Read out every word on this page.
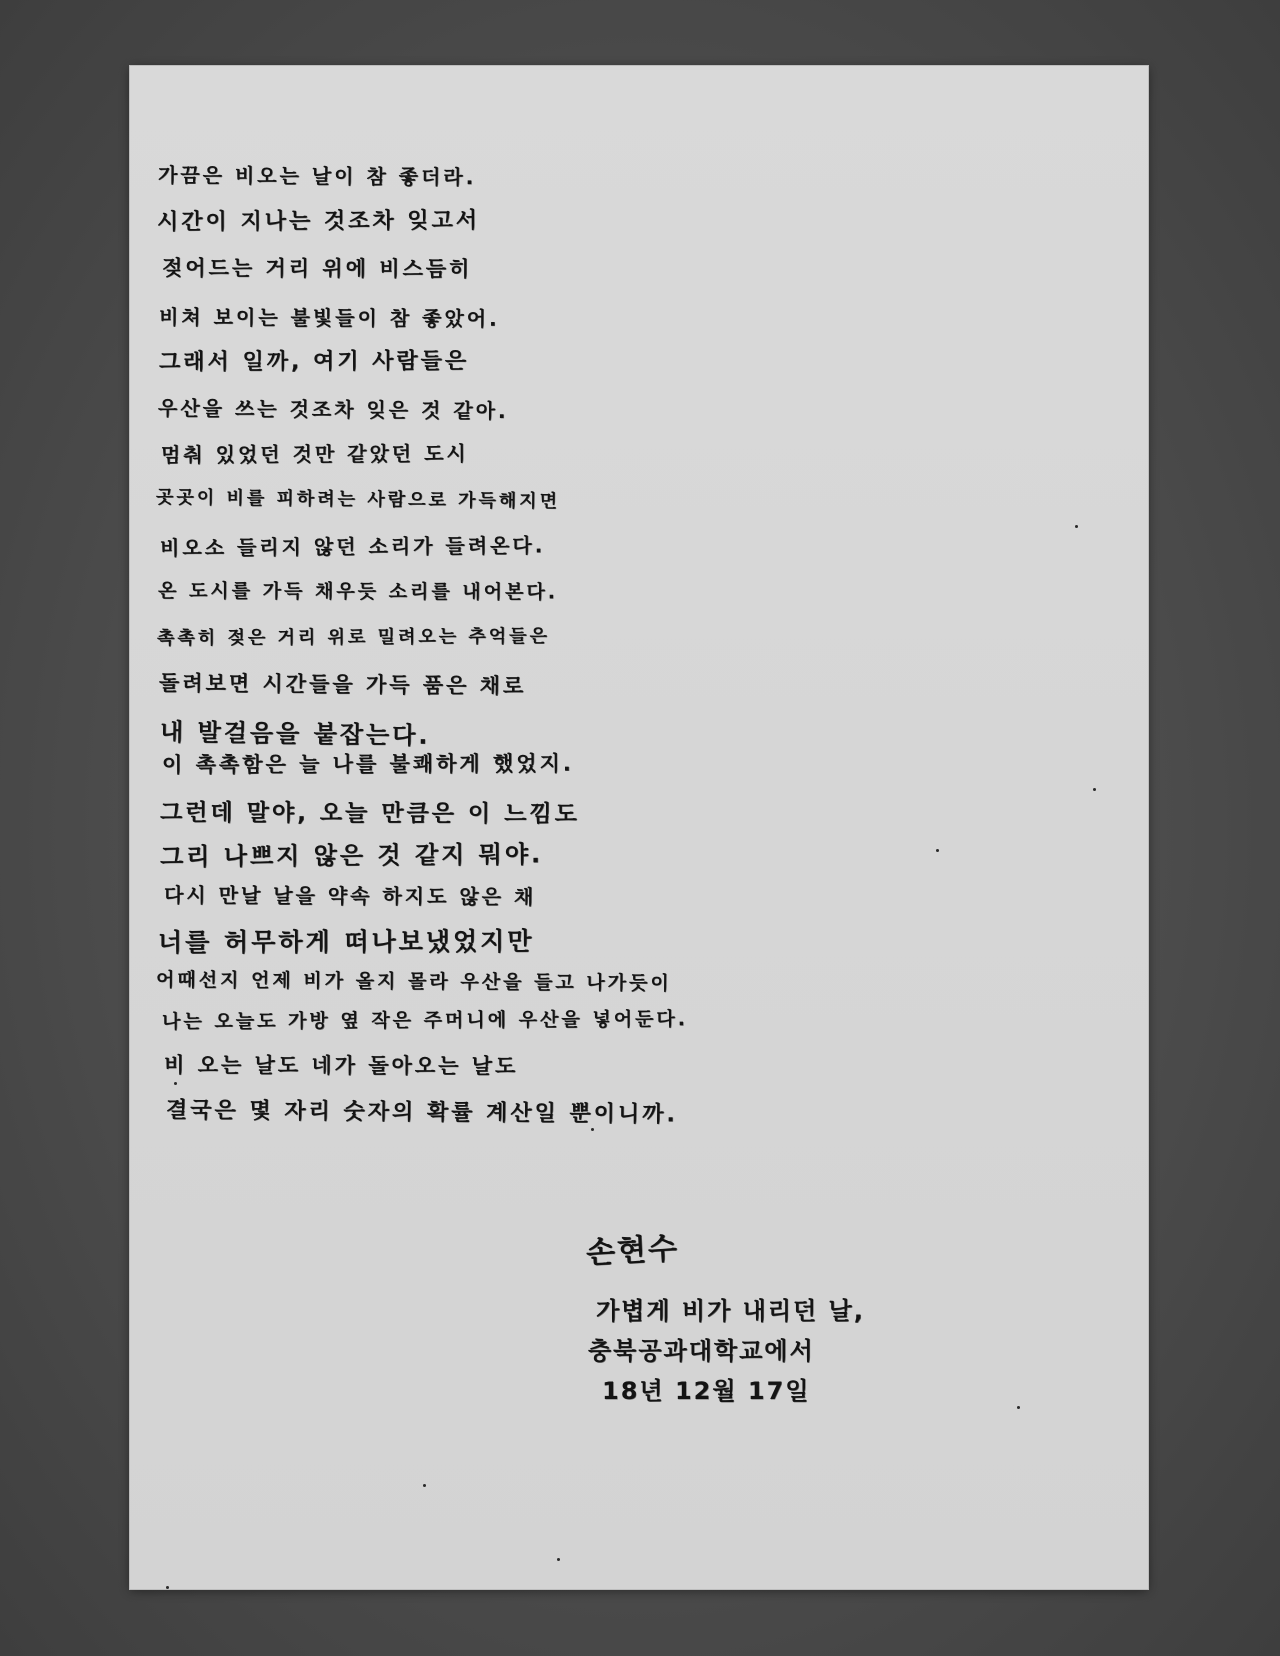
가끔은 비오는 날이 참 좋더라.
시간이 지나는 것조차 잊고서
젖어드는 거리 위에 비스듬히
비쳐 보이는 불빛들이 참 좋았어.
그래서 일까, 여기 사람들은
우산을 쓰는 것조차 잊은 것 같아.
멈춰 있었던 것만 같았던 도시
곳곳이 비를 피하려는 사람으로 가득해지면
비오소 들리지 않던 소리가 들려온다.
온 도시를 가득 채우듯 소리를 내어본다.
촉촉히 젖은 거리 위로 밀려오는 추억들은
돌려보면 시간들을 가득 품은 채로
내 발걸음을 붙잡는다.
이 촉촉함은 늘 나를 불쾌하게 했었지.
그런데 말야, 오늘 만큼은 이 느낌도
그리 나쁘지 않은 것 같지 뭐야.
다시 만날 날을 약속 하지도 않은 채
너를 허무하게 떠나보냈었지만
어때선지 언제 비가 올지 몰라 우산을 들고 나가듯이
나는 오늘도 가방 옆 작은 주머니에 우산을 넣어둔다.
비 오는 날도 네가 돌아오는 날도
결국은 몇 자리 숫자의 확률 계산일 뿐이니까.
손현수
가볍게 비가 내리던 날,
충북공과대학교에서
18년 12월 17일
